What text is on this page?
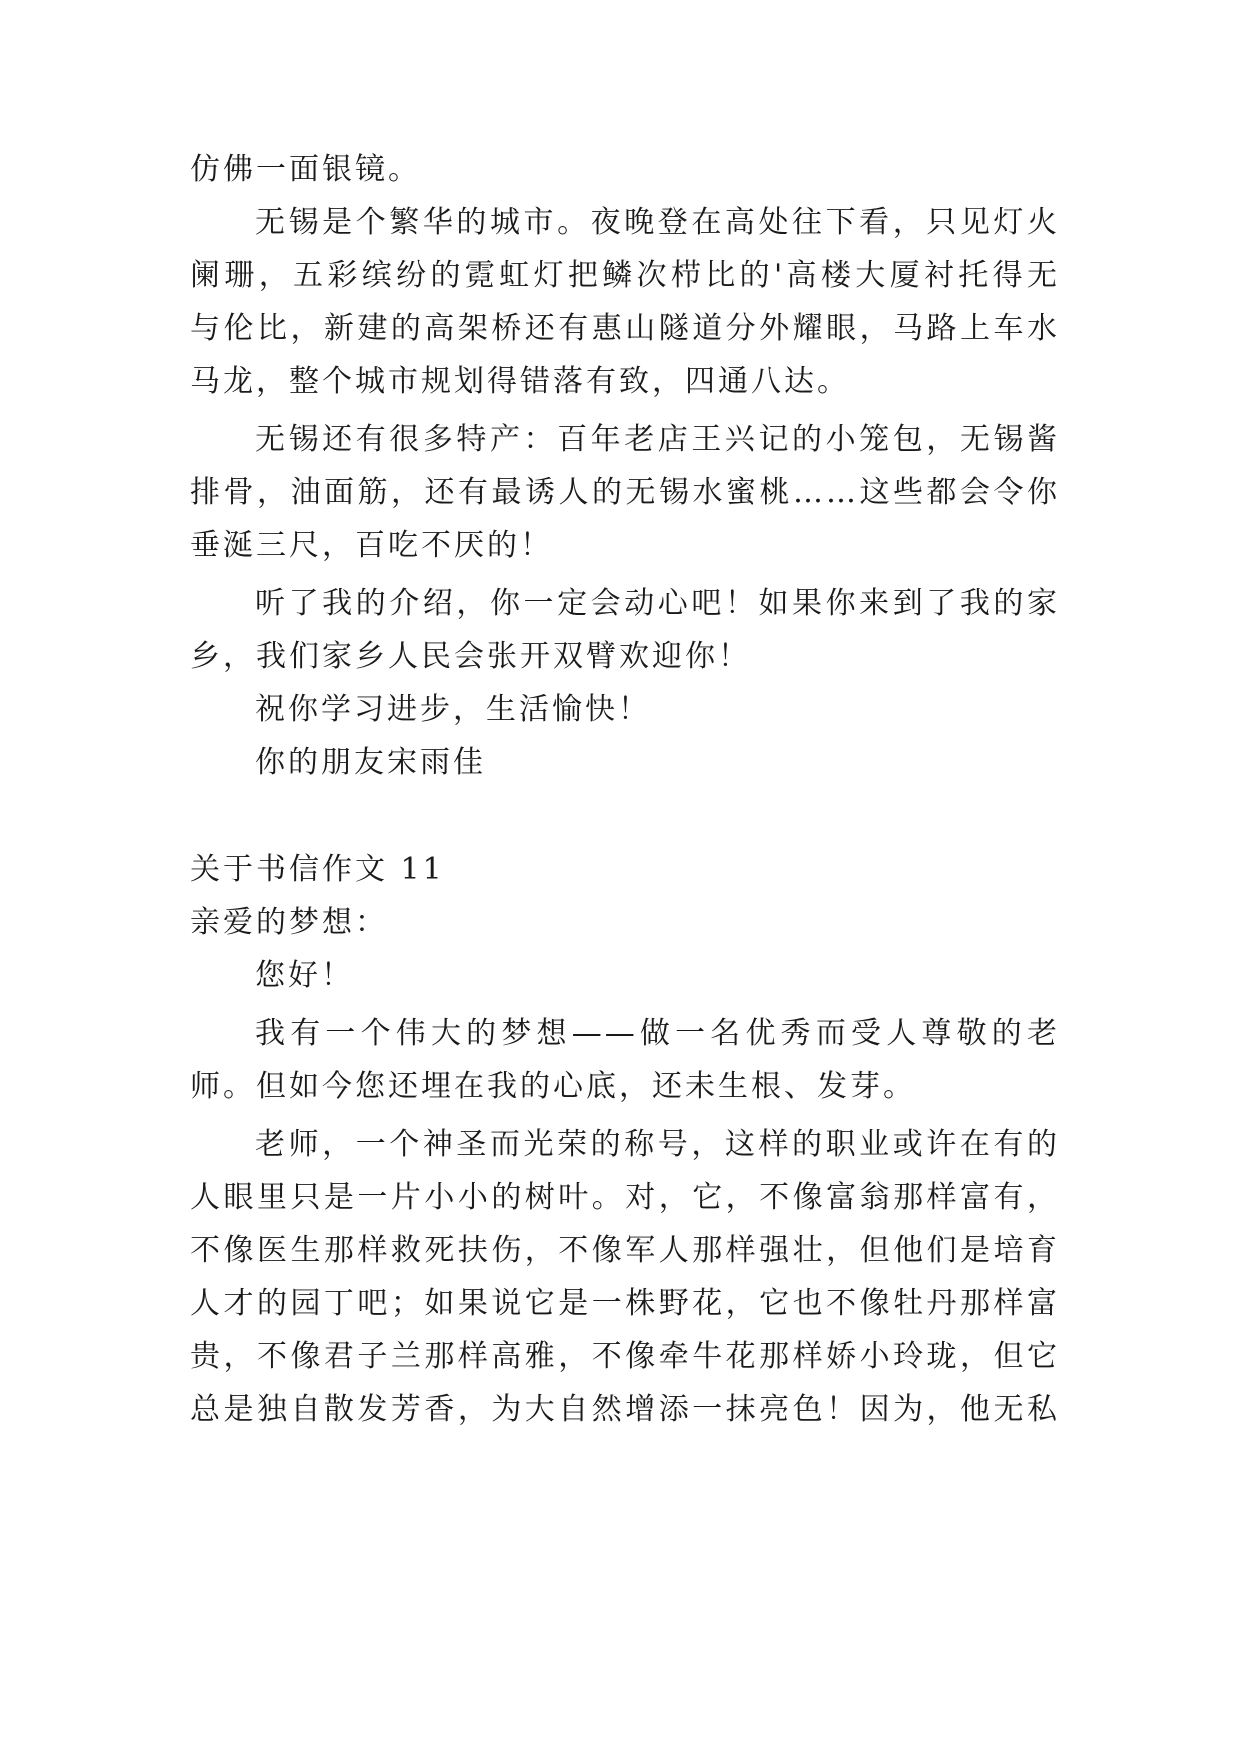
仿佛一面银镜。
无锡是个繁华的城市。夜晚登在高处往下看，只见灯火
阑珊，五彩缤纷的霓虹灯把鳞次栉比的'高楼大厦衬托得无
与伦比，新建的高架桥还有惠山隧道分外耀眼，马路上车水
马龙，整个城市规划得错落有致，四通八达。
无锡还有很多特产：百年老店王兴记的小笼包，无锡酱
排骨，油面筋，还有最诱人的无锡水蜜桃……这些都会令你
垂涎三尺，百吃不厌的！
听了我的介绍，你一定会动心吧！如果你来到了我的家
乡，我们家乡人民会张开双臂欢迎你！
祝你学习进步，生活愉快！
你的朋友宋雨佳
关于书信作文 11
亲爱的梦想：
您好！
我有一个伟大的梦想——做一名优秀而受人尊敬的老
师。但如今您还埋在我的心底，还未生根、发芽。
老师，一个神圣而光荣的称号，这样的职业或许在有的
人眼里只是一片小小的树叶。对，它，不像富翁那样富有，
不像医生那样救死扶伤，不像军人那样强壮，但他们是培育
人才的园丁吧；如果说它是一株野花，它也不像牡丹那样富
贵，不像君子兰那样高雅，不像牵牛花那样娇小玲珑，但它
总是独自散发芳香，为大自然增添一抹亮色！因为，他无私
